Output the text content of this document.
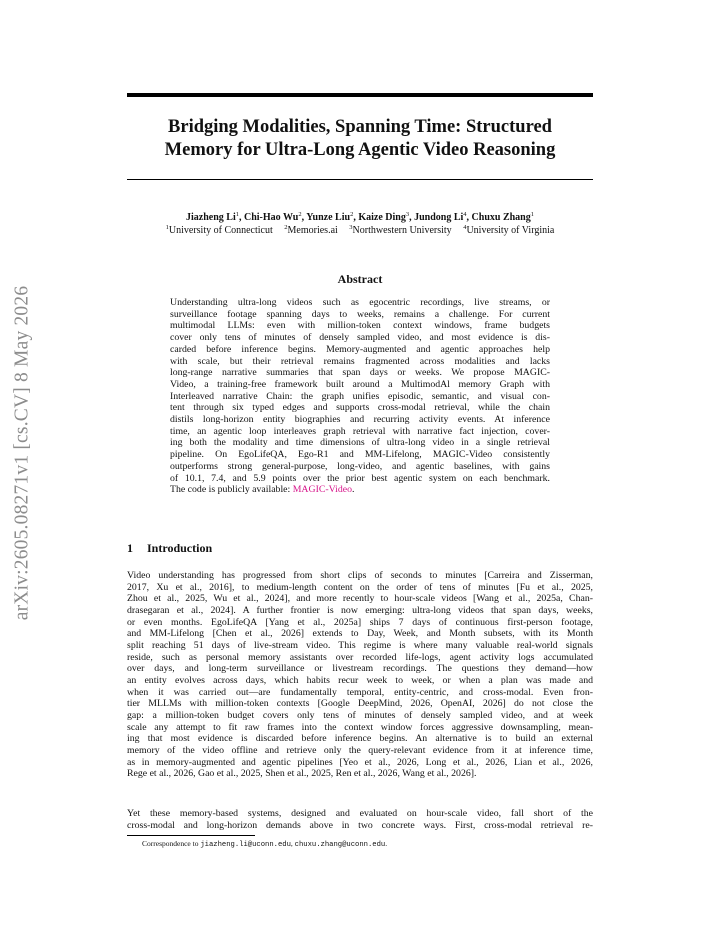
arXiv:2605.08271v1 [cs.CV] 8 May 2026
Bridging Modalities, Spanning Time: Structured
Memory for Ultra-Long Agentic Video Reasoning
Jiazheng Li$^1$, Chi-Hao Wu$^2$, Yunze Liu$^2$, Kaize Ding$^3$, Jundong Li$^4$, Chuxu Zhang$^1$
$^1$University of Connecticut $^2$Memories.ai $^3$Northwestern University $^4$University of Virginia
Abstract
Understanding ultra-long videos such as egocentric recordings, live streams, or
surveillance footage spanning days to weeks, remains a challenge. For current
multimodal LLMs: even with million-token context windows, frame budgets
cover only tens of minutes of densely sampled video, and most evidence is dis-
carded before inference begins. Memory-augmented and agentic approaches help
with scale, but their retrieval remains fragmented across modalities and lacks
long-range narrative summaries that span days or weeks. We propose MAGIC-
Video, a training-free framework built around a MultimodAl memory Graph with
Interleaved narrative Chain: the graph unifies episodic, semantic, and visual con-
tent through six typed edges and supports cross-modal retrieval, while the chain
distils long-horizon entity biographies and recurring activity events. At inference
time, an agentic loop interleaves graph retrieval with narrative fact injection, cover-
ing both the modality and time dimensions of ultra-long video in a single retrieval
pipeline. On EgoLifeQA, Ego-R1 and MM-Lifelong, MAGIC-Video consistently
outperforms strong general-purpose, long-video, and agentic baselines, with gains
of 10.1, 7.4, and 5.9 points over the prior best agentic system on each benchmark.
The code is publicly available: MAGIC-Video.
1 Introduction
Video understanding has progressed from short clips of seconds to minutes [Carreira and Zisserman,
2017, Xu et al., 2016], to medium-length content on the order of tens of minutes [Fu et al., 2025,
Zhou et al., 2025, Wu et al., 2024], and more recently to hour-scale videos [Wang et al., 2025a, Chan-
drasegaran et al., 2024]. A further frontier is now emerging: ultra-long videos that span days, weeks,
or even months. EgoLifeQA [Yang et al., 2025a] ships 7 days of continuous first-person footage,
and MM-Lifelong [Chen et al., 2026] extends to Day, Week, and Month subsets, with its Month
split reaching 51 days of live-stream video. This regime is where many valuable real-world signals
reside, such as personal memory assistants over recorded life-logs, agent activity logs accumulated
over days, and long-term surveillance or livestream recordings. The questions they demand—how
an entity evolves across days, which habits recur week to week, or when a plan was made and
when it was carried out—are fundamentally temporal, entity-centric, and cross-modal. Even fron-
tier MLLMs with million-token contexts [Google DeepMind, 2026, OpenAI, 2026] do not close the
gap: a million-token budget covers only tens of minutes of densely sampled video, and at week
scale any attempt to fit raw frames into the context window forces aggressive downsampling, mean-
ing that most evidence is discarded before inference begins. An alternative is to build an external
memory of the video offline and retrieve only the query-relevant evidence from it at inference time,
as in memory-augmented and agentic pipelines [Yeo et al., 2026, Long et al., 2026, Lian et al., 2026,
Rege et al., 2026, Gao et al., 2025, Shen et al., 2025, Ren et al., 2026, Wang et al., 2026].
Yet these memory-based systems, designed and evaluated on hour-scale video, fall short of the
cross-modal and long-horizon demands above in two concrete ways. First, cross-modal retrieval re-
Correspondence to jiazheng.li@uconn.edu, chuxu.zhang@uconn.edu.
